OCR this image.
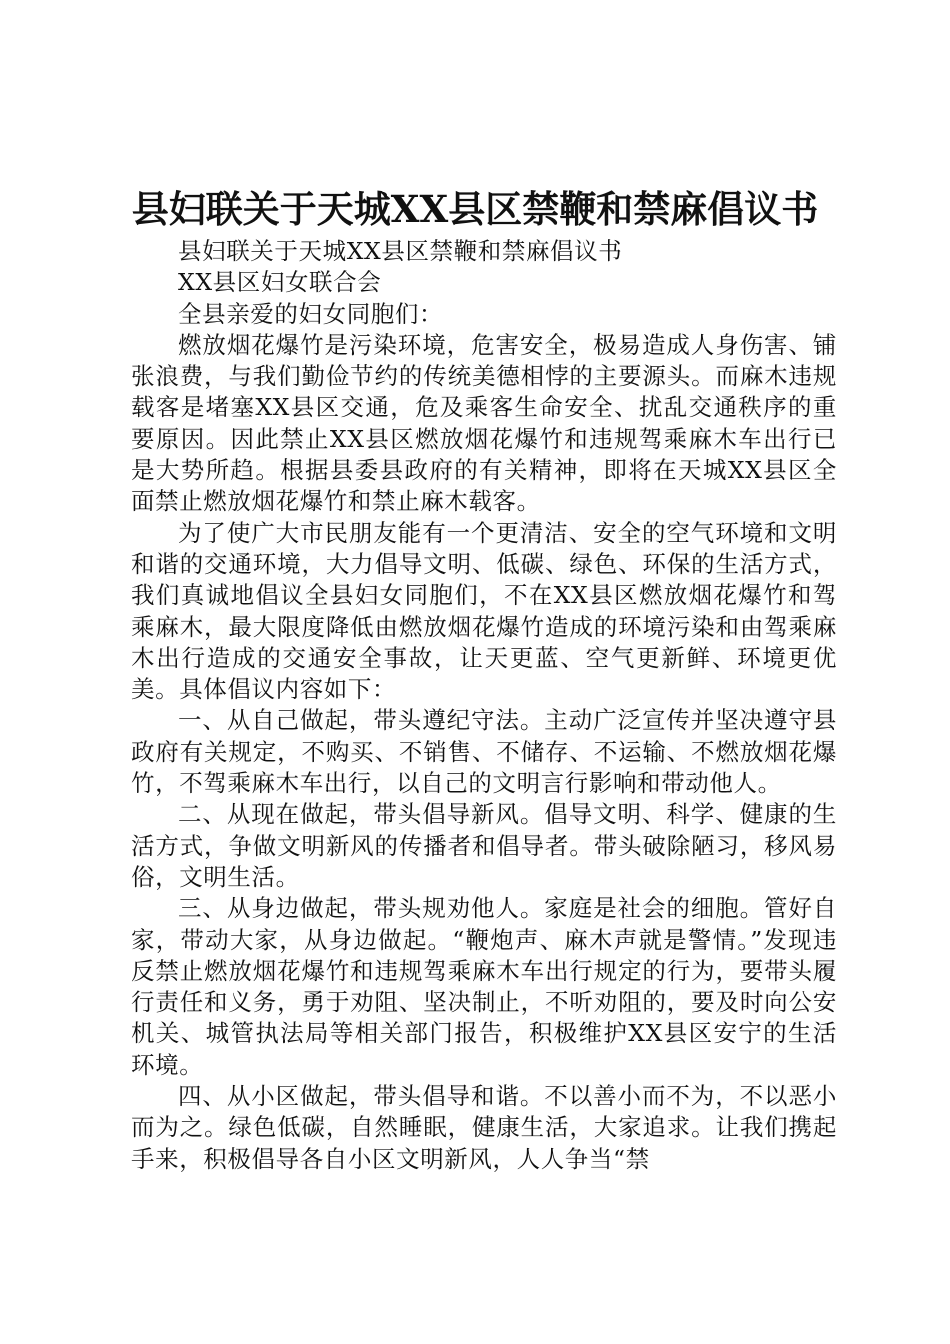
县妇联关于天城XX县区禁鞭和禁麻倡议书

县妇联关于天城XX县区禁鞭和禁麻倡议书

XX县区妇女联合会

全县亲爱的妇女同胞们：

燃放烟花爆竹是污染环境，危害安全，极易造成人身伤害、铺张浪费，与我们勤俭节约的传统美德相悖的主要源头。而麻木违规载客是堵塞XX县区交通，危及乘客生命安全、扰乱交通秩序的重要原因。因此禁止XX县区燃放烟花爆竹和违规驾乘麻木车出行已是大势所趋。根据县委县政府的有关精神，即将在天城XX县区全面禁止燃放烟花爆竹和禁止麻木载客。

为了使广大市民朋友能有一个更清洁、安全的空气环境和文明和谐的交通环境，大力倡导文明、低碳、绿色、环保的生活方式，我们真诚地倡议全县妇女同胞们，不在XX县区燃放烟花爆竹和驾乘麻木，最大限度降低由燃放烟花爆竹造成的环境污染和由驾乘麻木出行造成的交通安全事故，让天更蓝、空气更新鲜、环境更优美。具体倡议内容如下：

一、从自己做起，带头遵纪守法。主动广泛宣传并坚决遵守县政府有关规定，不购买、不销售、不储存、不运输、不燃放烟花爆竹，不驾乘麻木车出行，以自己的文明言行影响和带动他人。

二、从现在做起，带头倡导新风。倡导文明、科学、健康的生活方式，争做文明新风的传播者和倡导者。带头破除陋习，移风易俗，文明生活。

三、从身边做起，带头规劝他人。家庭是社会的细胞。管好自家，带动大家，从身边做起。“鞭炮声、麻木声就是警情。”发现违反禁止燃放烟花爆竹和违规驾乘麻木车出行规定的行为，要带头履行责任和义务，勇于劝阻、坚决制止，不听劝阻的，要及时向公安机关、城管执法局等相关部门报告，积极维护XX县区安宁的生活环境。

四、从小区做起，带头倡导和谐。不以善小而不为，不以恶小而为之。绿色低碳，自然睡眠，健康生活，大家追求。让我们携起手来，积极倡导各自小区文明新风，人人争当“禁
